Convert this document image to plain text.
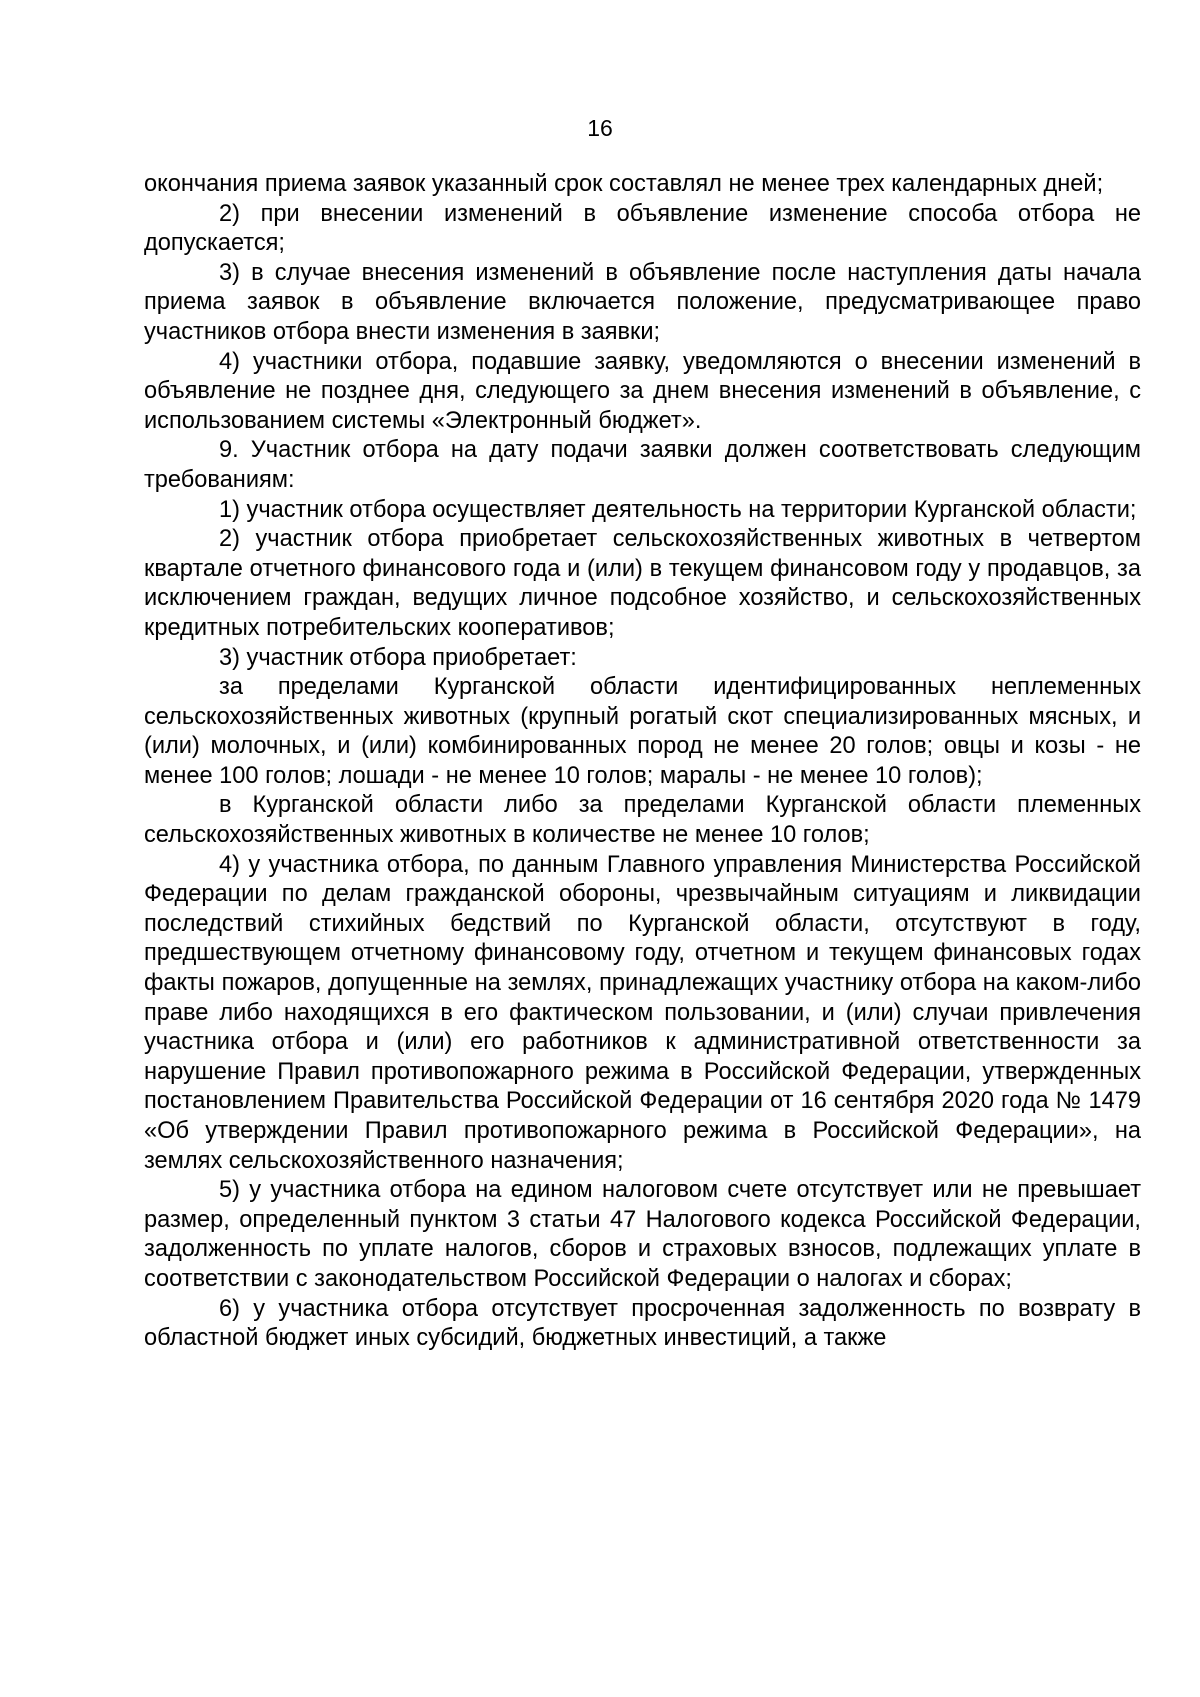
16

окончания приема заявок указанный срок составлял не менее трех календарных дней;

2) при внесении изменений в объявление изменение способа отбора не допускается;

3) в случае внесения изменений в объявление после наступления даты начала приема заявок в объявление включается положение, предусматривающее право участников отбора внести изменения в заявки;

4) участники отбора, подавшие заявку, уведомляются о внесении изменений в объявление не позднее дня, следующего за днем внесения изменений в объявление, с использованием системы «Электронный бюджет».

9. Участник отбора на дату подачи заявки должен соответствовать следующим требованиям:

1) участник отбора осуществляет деятельность на территории Курганской области;

2) участник отбора приобретает сельскохозяйственных животных в четвертом квартале отчетного финансового года и (или) в текущем финансовом году у продавцов, за исключением граждан, ведущих личное подсобное хозяйство, и сельскохозяйственных кредитных потребительских кооперативов;

3) участник отбора приобретает:

за пределами Курганской области идентифицированных неплеменных сельскохозяйственных животных (крупный рогатый скот специализированных мясных, и (или) молочных, и (или) комбинированных пород не менее 20 голов; овцы и козы - не менее 100 голов; лошади - не менее 10 голов; маралы - не менее 10 голов);

в Курганской области либо за пределами Курганской области племенных сельскохозяйственных животных в количестве не менее 10 голов;

4) у участника отбора, по данным Главного управления Министерства Российской Федерации по делам гражданской обороны, чрезвычайным ситуациям и ликвидации последствий стихийных бедствий по Курганской области, отсутствуют в году, предшествующем отчетному финансовому году, отчетном и текущем финансовых годах факты пожаров, допущенные на землях, принадлежащих участнику отбора на каком-либо праве либо находящихся в его фактическом пользовании, и (или) случаи привлечения участника отбора и (или) его работников к административной ответственности за нарушение Правил противопожарного режима в Российской Федерации, утвержденных постановлением Правительства Российской Федерации от 16 сентября 2020 года № 1479 «Об утверждении Правил противопожарного режима в Российской Федерации», на землях сельскохозяйственного назначения;

5) у участника отбора на едином налоговом счете отсутствует или не превышает размер, определенный пунктом 3 статьи 47 Налогового кодекса Российской Федерации, задолженность по уплате налогов, сборов и страховых взносов, подлежащих уплате в соответствии с законодательством Российской Федерации о налогах и сборах;

6) у участника отбора отсутствует просроченная задолженность по возврату в областной бюджет иных субсидий, бюджетных инвестиций, а также
